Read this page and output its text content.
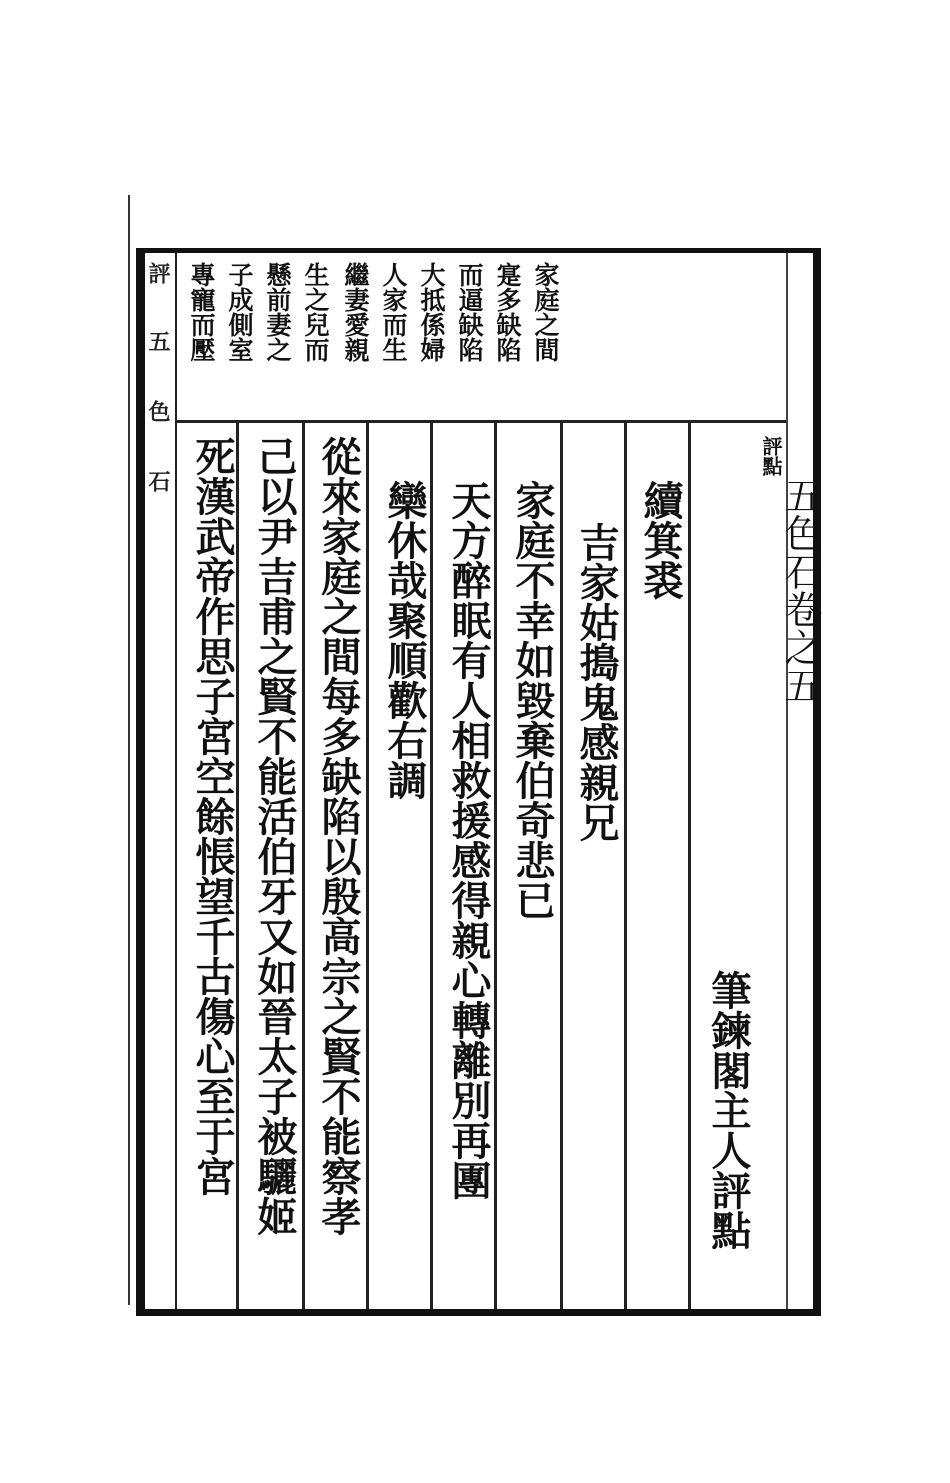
評
五
色
石
家庭之間
寔多缺陷
而逼缺陷
大抵係婦
人家而生
繼妻愛親
生之兒而
懸前妻之
子成側室
專寵而壓
評點
五色石卷之五
筆鍊閣主人
評點
續箕裘
吉家姑搗鬼感親兄
家庭不幸如毀棄伯奇悲已
天方醉眠有人相救援感得親心轉離別再團
欒休哉聚順歡右調
從來家庭之間每多缺陷以殷高宗之賢不能察孝
己以尹吉甫之賢不能活伯牙又如晉太子被驪姬
死漢武帝作思子宮空餘悵望千古傷心至于宮
